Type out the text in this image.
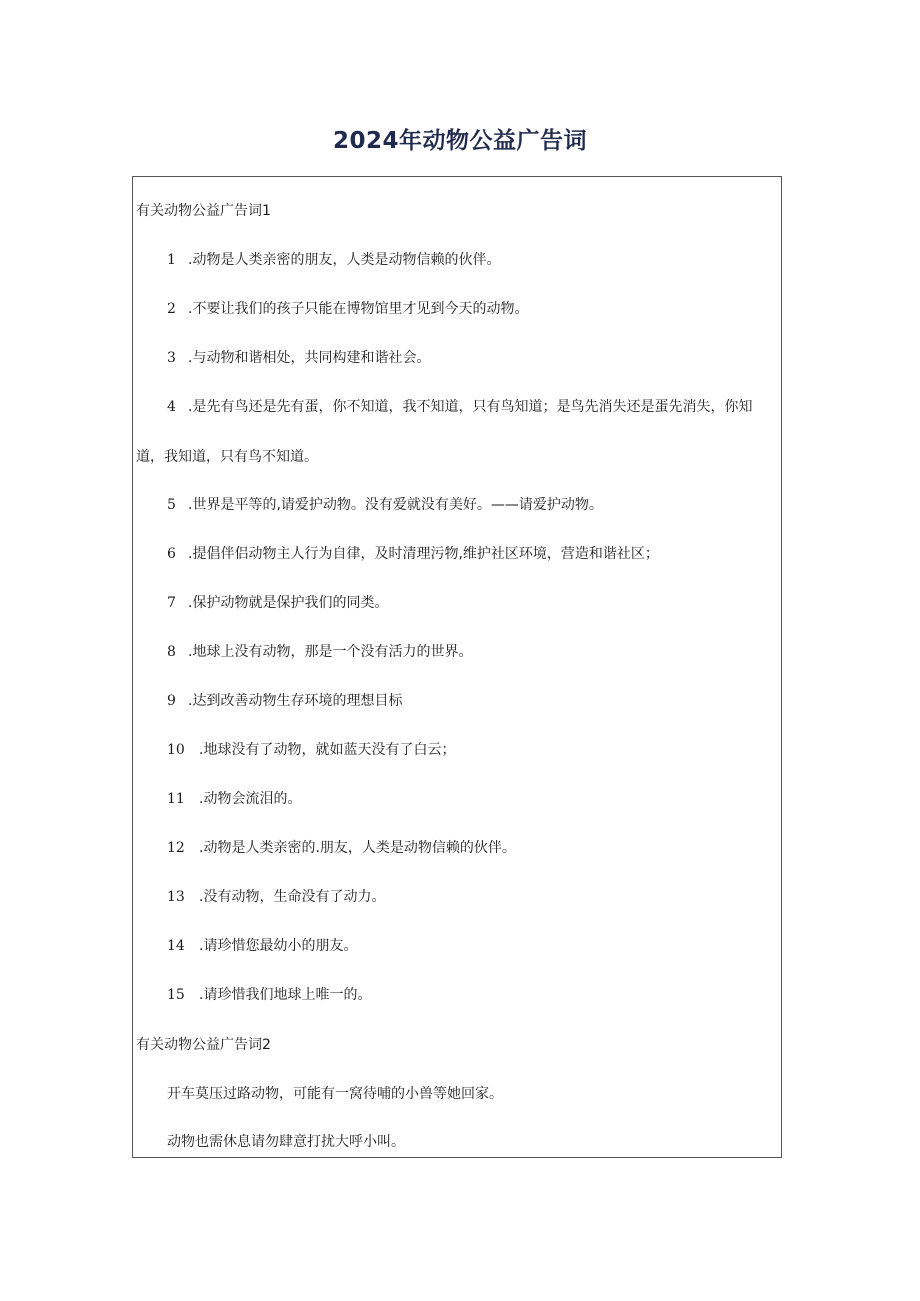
2024年动物公益广告词
有关动物公益广告词1
1 .动物是人类亲密的朋友，人类是动物信赖的伙伴。
2 .不要让我们的孩子只能在博物馆里才见到今天的动物。
3 .与动物和谐相处，共同构建和谐社会。
4 .是先有鸟还是先有蛋，你不知道，我不知道，只有鸟知道；是鸟先消失还是蛋先消失，你知
道，我知道，只有鸟不知道。
5 .世界是平等的,请爱护动物。没有爱就没有美好。——请爱护动物。
6 .提倡伴侣动物主人行为自律，及时清理污物,维护社区环境，营造和谐社区；
7 .保护动物就是保护我们的同类。
8 .地球上没有动物，那是一个没有活力的世界。
9 .达到改善动物生存环境的理想目标
10 .地球没有了动物，就如蓝天没有了白云；
11 .动物会流泪的。
12 .动物是人类亲密的.朋友，人类是动物信赖的伙伴。
13 .没有动物，生命没有了动力。
14 .请珍惜您最幼小的朋友。
15 .请珍惜我们地球上唯一的。
有关动物公益广告词2
开车莫压过路动物，可能有一窝待哺的小兽等她回家。
动物也需休息请勿肆意打扰大呼小叫。
